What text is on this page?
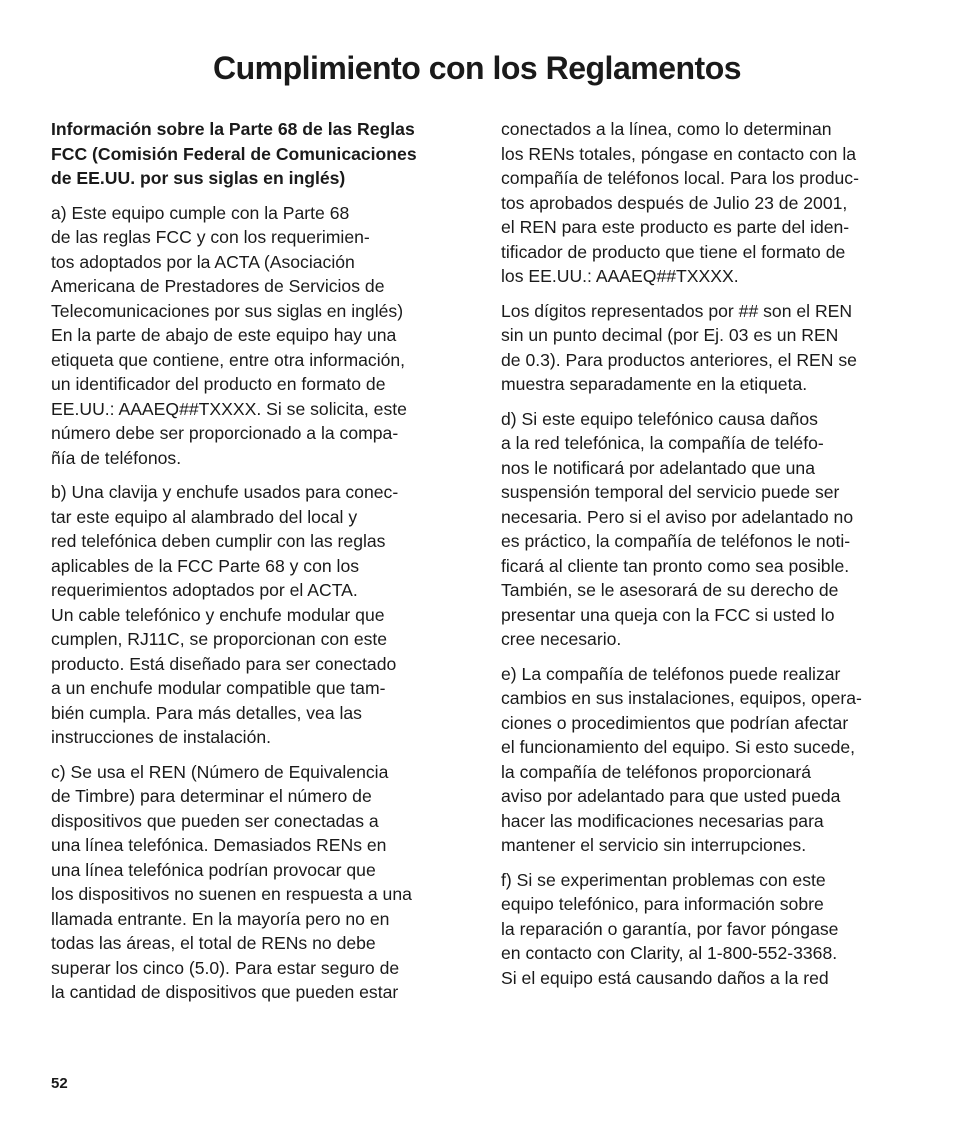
Cumplimiento con los Reglamentos
Información sobre la Parte 68 de las Reglas
FCC (Comisión Federal de Comunicaciones
de EE.UU. por sus siglas en inglés)
a) Este equipo cumple con la Parte 68
de las reglas FCC y con los requerimien-
tos adoptados por la ACTA (Asociación
Americana de Prestadores de Servicios de
Telecomunicaciones por sus siglas en inglés)
En la parte de abajo de este equipo hay una
etiqueta que contiene, entre otra información,
un identificador del producto en formato de
EE.UU.: AAAEQ##TXXXX. Si se solicita, este
número debe ser proporcionado a la compa-
ñía de teléfonos.
b) Una clavija y enchufe usados para conec-
tar este equipo al alambrado del local y
red telefónica deben cumplir con las reglas
aplicables de la FCC Parte 68 y con los
requerimientos adoptados por el ACTA.
Un cable telefónico y enchufe modular que
cumplen, RJ11C, se proporcionan con este
producto. Está diseñado para ser conectado
a un enchufe modular compatible que tam-
bién cumpla. Para más detalles, vea las
instrucciones de instalación.
c) Se usa el REN (Número de Equivalencia
de Timbre) para determinar el número de
dispositivos que pueden ser conectadas a
una línea telefónica. Demasiados RENs en
una línea telefónica podrían provocar que
los dispositivos no suenen en respuesta a una
llamada entrante. En la mayoría pero no en
todas las áreas, el total de RENs no debe
superar los cinco (5.0). Para estar seguro de
la cantidad de dispositivos que pueden estar
conectados a la línea, como lo determinan
los RENs totales, póngase en contacto con la
compañía de teléfonos local. Para los produc-
tos aprobados después de Julio 23 de 2001,
el REN para este producto es parte del iden-
tificador de producto que tiene el formato de
los EE.UU.: AAAEQ##TXXXX.
Los dígitos representados por ## son el REN
sin un punto decimal (por Ej. 03 es un REN
de 0.3). Para productos anteriores, el REN se
muestra separadamente en la etiqueta.
d) Si este equipo telefónico causa daños
a la red telefónica, la compañía de teléfo-
nos le notificará por adelantado que una
suspensión temporal del servicio puede ser
necesaria. Pero si el aviso por adelantado no
es práctico, la compañía de teléfonos le noti-
ficará al cliente tan pronto como sea posible.
También, se le asesorará de su derecho de
presentar una queja con la FCC si usted lo
cree necesario.
e) La compañía de teléfonos puede realizar
cambios en sus instalaciones, equipos, opera-
ciones o procedimientos que podrían afectar
el funcionamiento del equipo. Si esto sucede,
la compañía de teléfonos proporcionará
aviso por adelantado para que usted pueda
hacer las modificaciones necesarias para
mantener el servicio sin interrupciones.
f) Si se experimentan problemas con este
equipo telefónico, para información sobre
la reparación o garantía, por favor póngase
en contacto con Clarity, al 1-800-552-3368.
Si el equipo está causando daños a la red
52
